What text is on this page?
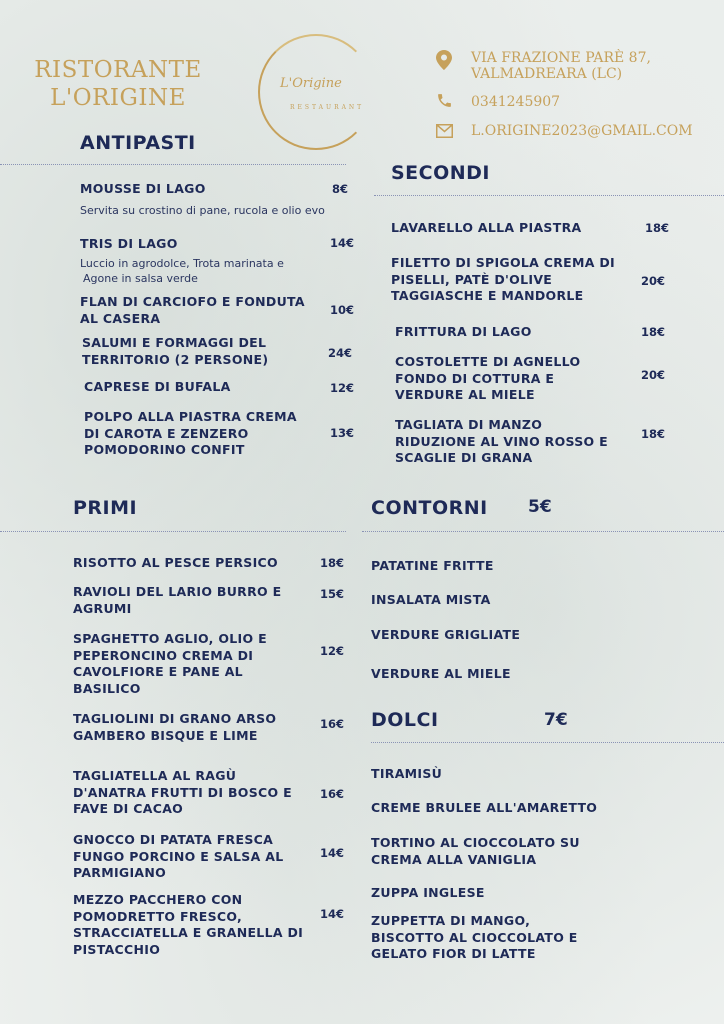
RISTORANTE
L'ORIGINE
L'Origine
RESTAURANT
VIA FRAZIONE PARÈ 87,
VALMADREARA (LC)
0341245907
L.ORIGINE2023@GMAIL.COM
ANTIPASTI
MOUSSE DI LAGO
Servita su crostino di pane, rucola e olio evo
8€
TRIS DI LAGO
Luccio in agrodolce, Trota marinata e
Agone in salsa verde
14€
FLAN DI CARCIOFO E FONDUTA
AL CASERA
10€
SALUMI E FORMAGGI DEL
TERRITORIO (2 PERSONE)	24€
CAPRESE DI BUFALA	12€
POLPO ALLA PIASTRA CREMA
DI CAROTA E ZENZERO
POMODORINO CONFIT
13€
SECONDI
LAVARELLO ALLA PIASTRA	18€
FILETTO DI SPIGOLA CREMA DI
PISELLI, PATÈ D'OLIVE
TAGGIASCHE E MANDORLE
20€
FRITTURA DI LAGO	18€
COSTOLETTE DI AGNELLO
FONDO DI COTTURA E
VERDURE AL MIELE
20€
TAGLIATA DI MANZO
RIDUZIONE AL VINO ROSSO E
SCAGLIE DI GRANA
18€
PRIMI
RISOTTO AL PESCE PERSICO	18€
RAVIOLI DEL LARIO BURRO E
AGRUMI
15€
SPAGHETTO AGLIO, OLIO E
PEPERONCINO CREMA DI
CAVOLFIORE E PANE AL
BASILICO
12€
TAGLIOLINI DI GRANO ARSO
GAMBERO BISQUE E LIME
16€
TAGLIATELLA AL RAGÙ
D'ANATRA FRUTTI DI BOSCO E
FAVE DI CACAO
16€
GNOCCO DI PATATA FRESCA
FUNGO PORCINO E SALSA AL
PARMIGIANO
14€
MEZZO PACCHERO CON
POMODRETTO FRESCO,
STRACCIATELLA E GRANELLA DI
PISTACCHIO
14€
CONTORNI 5€
PATATINE FRITTE
INSALATA MISTA
VERDURE GRIGLIATE
VERDURE AL MIELE
DOLCI	7€
TIRAMISÙ
CREME BRULEE ALL'AMARETTO
TORTINO AL CIOCCOLATO SU
CREMA ALLA VANIGLIA
ZUPPA INGLESE
ZUPPETTA DI MANGO,
BISCOTTO AL CIOCCOLATO E
GELATO FIOR DI LATTE
